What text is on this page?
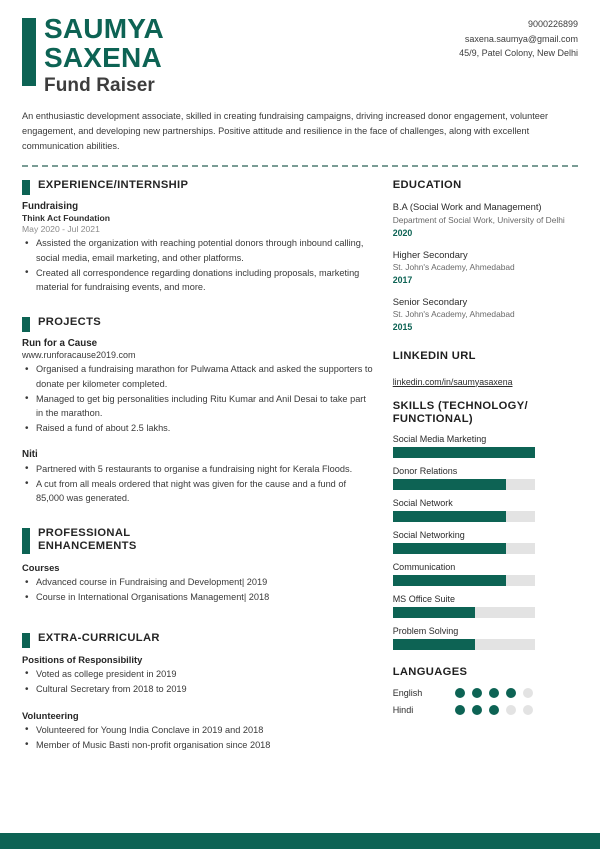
SAUMYA
SAXENA
Fund Raiser
9000226899
saxena.saumya@gmail.com
45/9, Patel Colony, New Delhi
An enthusiastic development associate, skilled in creating fundraising campaigns, driving increased donor engagement, volunteer engagement, and developing new partnerships. Positive attitude and resilience in the face of challenges, along with excellent communication abilities.
EXPERIENCE/INTERNSHIP
Fundraising
Think Act Foundation
May 2020 - Jul 2021
• Assisted the organization with reaching potential donors through inbound calling, social media, email marketing, and other platforms.
• Created all correspondence regarding donations including proposals, marketing material for fundraising events, and more.
PROJECTS
Run for a Cause
www.runforacause2019.com
• Organised a fundraising marathon for Pulwama Attack and asked the supporters to donate per kilometer completed.
• Managed to get big personalities including Ritu Kumar and Anil Desai to take part in the marathon.
• Raised a fund of about 2.5 lakhs.
Niti
• Partnered with 5 restaurants to organise a fundraising night for Kerala Floods.
• A cut from all meals ordered that night was given for the cause and a fund of 85,000 was generated.
PROFESSIONAL
ENHANCEMENTS
Courses
• Advanced course in Fundraising and Development| 2019
• Course in International Organisations Management| 2018
EXTRA-CURRICULAR
Positions of Responsibility
• Voted as college president in 2019
• Cultural Secretary from 2018 to 2019
Volunteering
• Volunteered for Young India Conclave in 2019 and 2018
• Member of Music Basti non-profit organisation since 2018
EDUCATION
B.A (Social Work and Management)
Department of Social Work, University of Delhi
2020
Higher Secondary
St. John's Academy, Ahmedabad
2017
Senior Secondary
St. John's Academy, Ahmedabad
2015
LINKEDIN URL
linkedin.com/in/saumyasaxena
SKILLS (TECHNOLOGY/
FUNCTIONAL)
Social Media Marketing
Donor Relations
Social Network
Social Networking
Communication
MS Office Suite
Problem Solving
LANGUAGES
English
Hindi
